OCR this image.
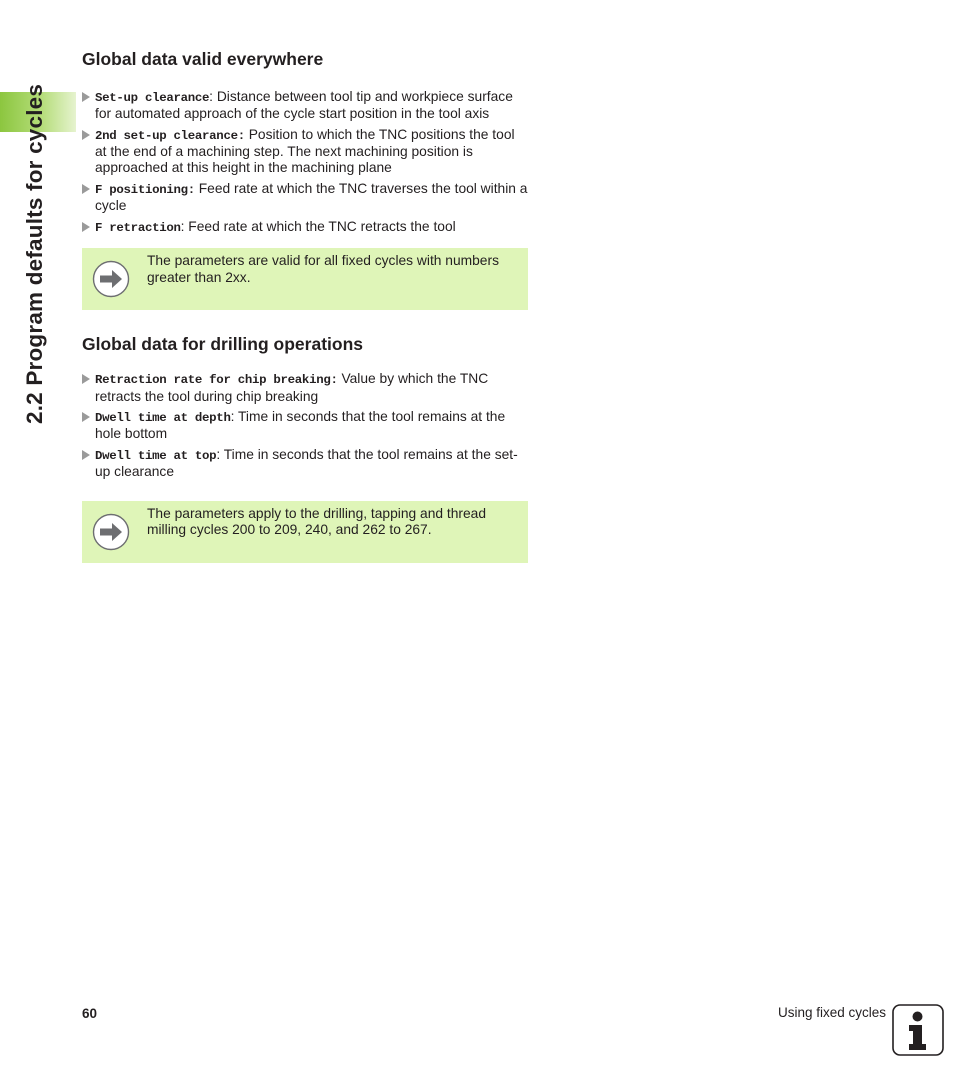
2.2 Program defaults for cycles
Global data valid everywhere
Set-up clearance: Distance between tool tip and workpiece surface for automated approach of the cycle start position in the tool axis
2nd set-up clearance: Position to which the TNC positions the tool at the end of a machining step. The next machining position is approached at this height in the machining plane
F positioning: Feed rate at which the TNC traverses the tool within a cycle
F retraction: Feed rate at which the TNC retracts the tool
The parameters are valid for all fixed cycles with numbers greater than 2xx.
Global data for drilling operations
Retraction rate for chip breaking: Value by which the TNC retracts the tool during chip breaking
Dwell time at depth: Time in seconds that the tool remains at the hole bottom
Dwell time at top: Time in seconds that the tool remains at the set-up clearance
The parameters apply to the drilling, tapping and thread milling cycles 200 to 209, 240, and 262 to 267.
60	Using fixed cycles
